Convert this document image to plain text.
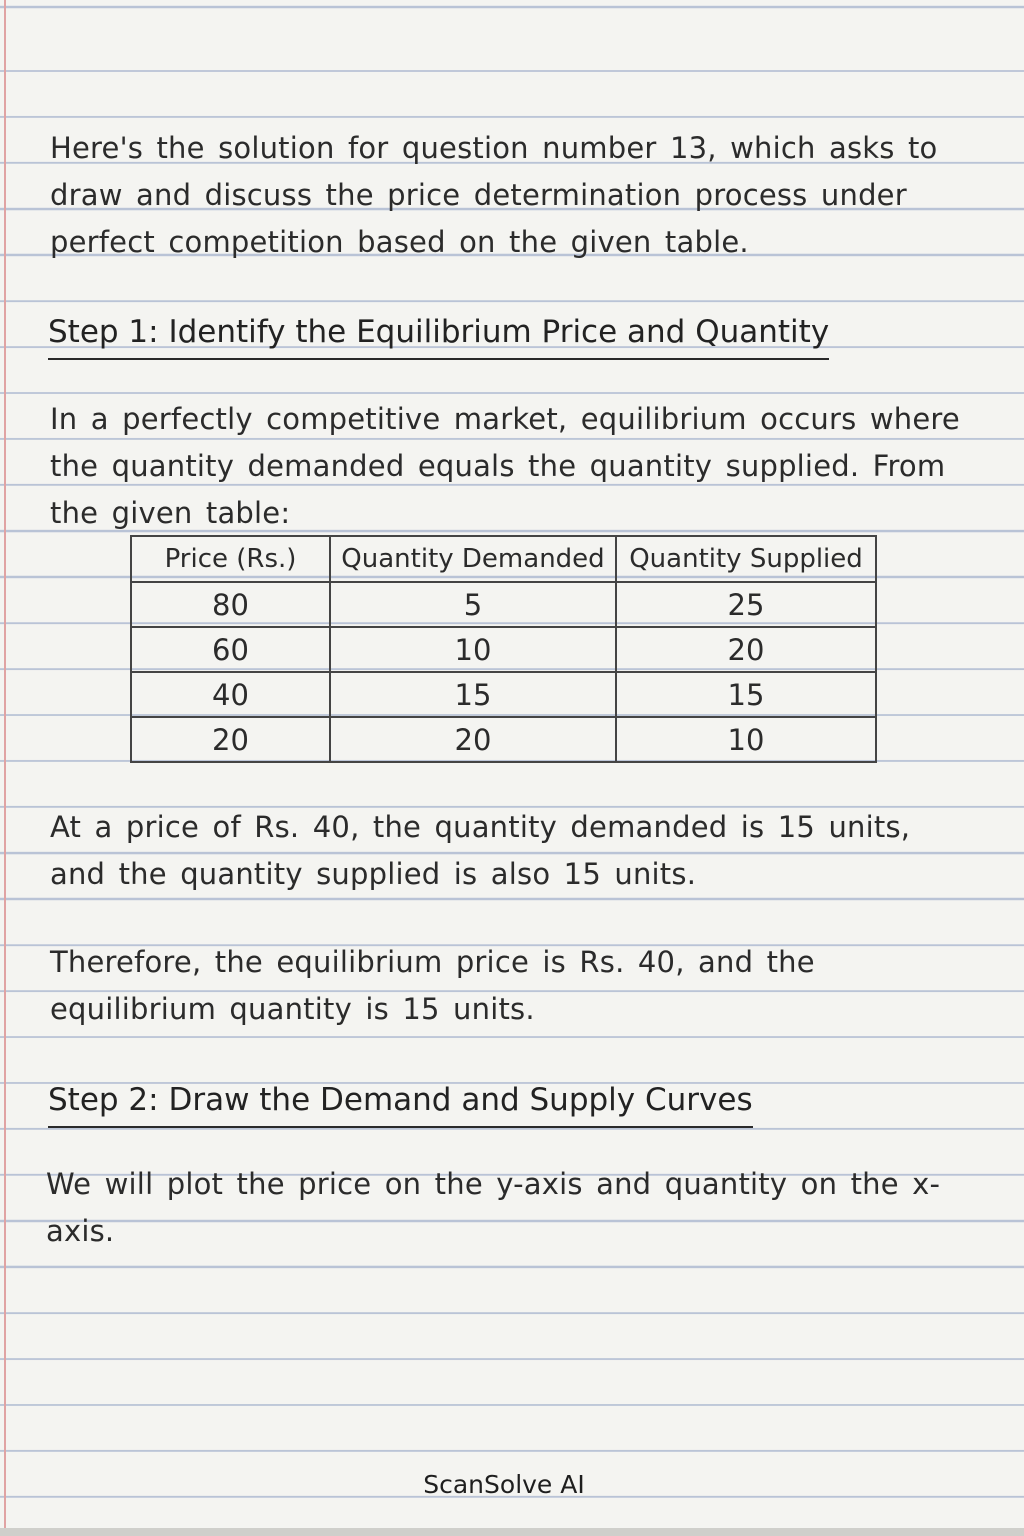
Here's the solution for question number 13, which asks to draw and discuss the price determination process under perfect competition based on the given table.

Step 1: Identify the Equilibrium Price and Quantity

In a perfectly competitive market, equilibrium occurs where the quantity demanded equals the quantity supplied. From the given table:

Price (Rs.)	Quantity Demanded	Quantity Supplied
80	5	25
60	10	20
40	15	15
20	20	10

At a price of Rs. 40, the quantity demanded is 15 units, and the quantity supplied is also 15 units.

Therefore, the equilibrium price is Rs. 40, and the equilibrium quantity is 15 units.

Step 2: Draw the Demand and Supply Curves

We will plot the price on the y-axis and quantity on the x-axis.

ScanSolve AI
